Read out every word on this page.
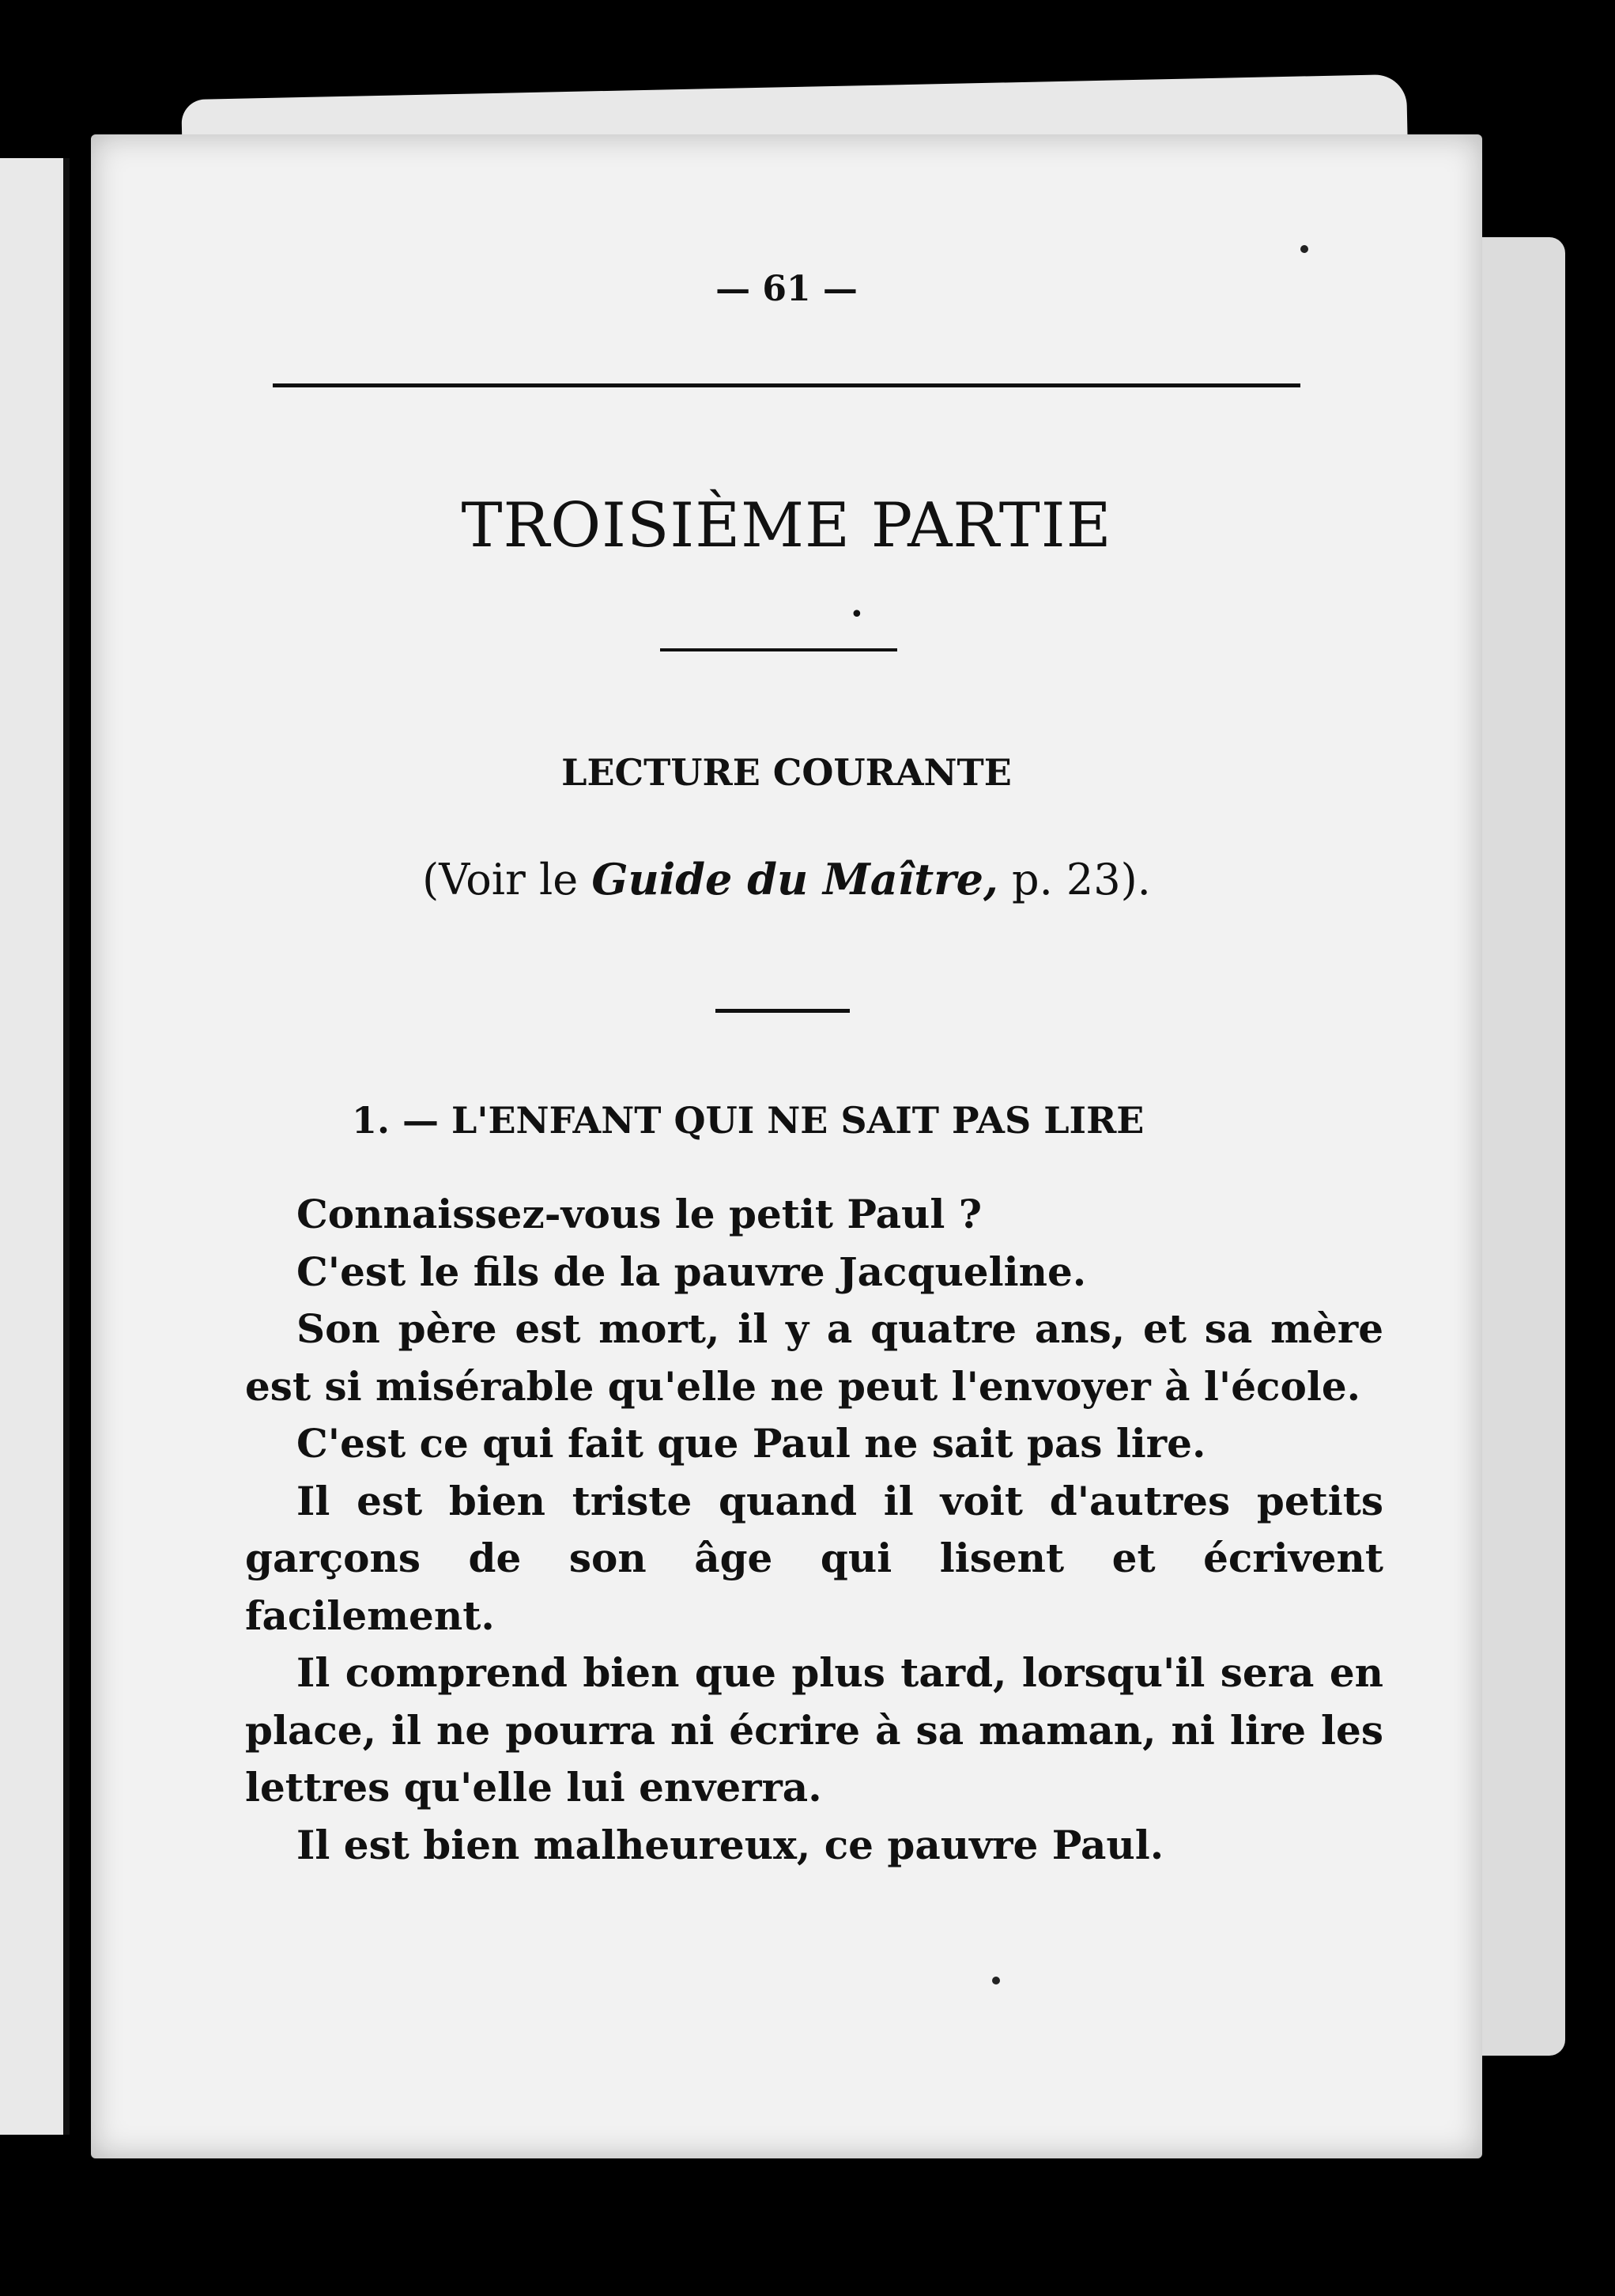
— 61 —
TROISIÈME PARTIE
•
LECTURE COURANTE
(Voir le Guide du Maître, p. 23).
1. — L'ENFANT QUI NE SAIT PAS LIRE

Connaissez-vous le petit Paul ?

C'est le fils de la pauvre Jacqueline.

Son père est mort, il y a quatre ans, et sa mère est si misérable qu'elle ne peut l'envoyer à l'école.

C'est ce qui fait que Paul ne sait pas lire.

Il est bien triste quand il voit d'autres petits garçons de son âge qui lisent et écrivent facilement.

Il comprend bien que plus tard, lorsqu'il sera en place, il ne pourra ni écrire à sa maman, ni lire les lettres qu'elle lui enverra.

Il est bien malheureux, ce pauvre Paul.
